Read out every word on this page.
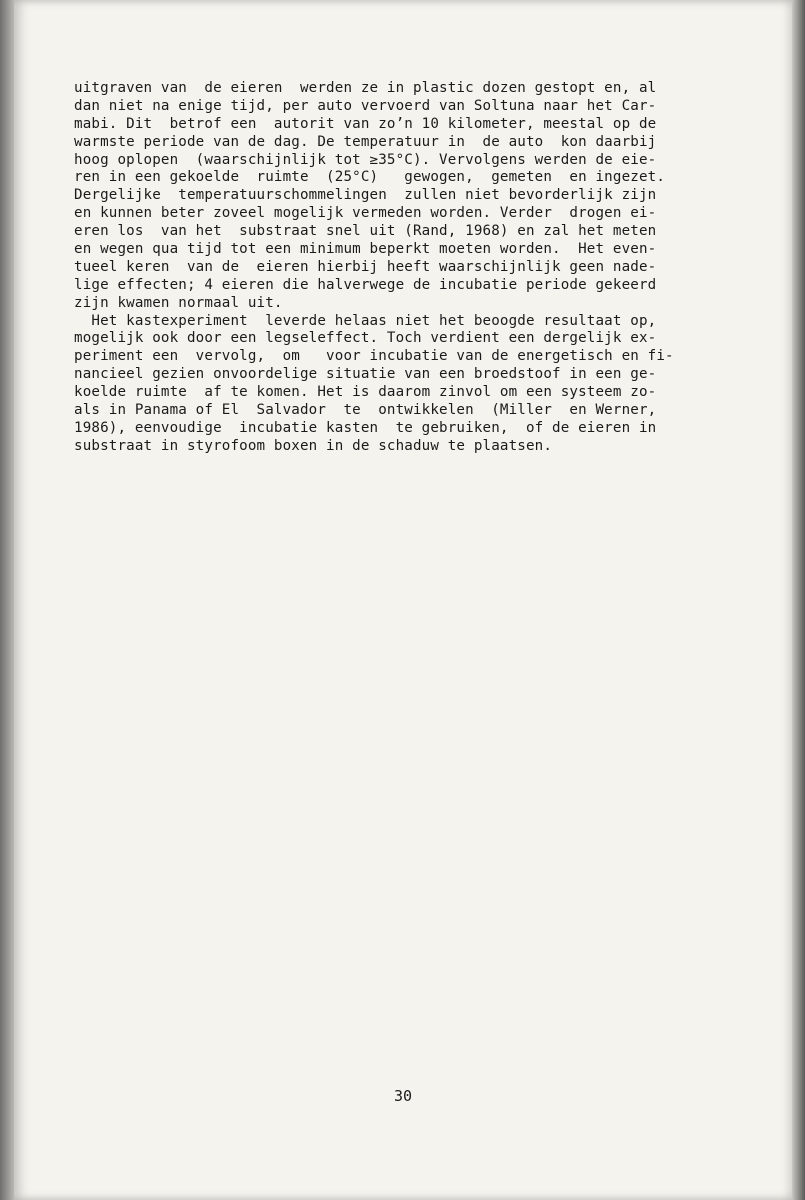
uitgraven van  de eieren  werden ze in plastic dozen gestopt en, al
dan niet na enige tijd, per auto vervoerd van Soltuna naar het Car-
mabi. Dit  betrof een  autorit van zo’n 10 kilometer, meestal op de
warmste periode van de dag. De temperatuur in  de auto  kon daarbij
hoog oplopen  (waarschijnlijk tot ≥35°C). Vervolgens werden de eie-
ren in een gekoelde  ruimte  (25°C)   gewogen,  gemeten  en ingezet.
Dergelijke  temperatuurschommelingen  zullen niet bevorderlijk zijn
en kunnen beter zoveel mogelijk vermeden worden. Verder  drogen ei-
eren los  van het  substraat snel uit (Rand, 1968) en zal het meten
en wegen qua tijd tot een minimum beperkt moeten worden.  Het even-
tueel keren  van de  eieren hierbij heeft waarschijnlijk geen nade-
lige effecten; 4 eieren die halverwege de incubatie periode gekeerd
zijn kwamen normaal uit.
Het kastexperiment  leverde helaas niet het beoogde resultaat op,
mogelijk ook door een legseleffect. Toch verdient een dergelijk ex-
periment een  vervolg,  om   voor incubatie van de energetisch en fi-
nancieel gezien onvoordelige situatie van een broedstoof in een ge-
koelde ruimte  af te komen. Het is daarom zinvol om een systeem zo-
als in Panama of El  Salvador  te  ontwikkelen  (Miller  en Werner,
1986), eenvoudige  incubatie kasten  te gebruiken,  of de eieren in
substraat in styrofoom boxen in de schaduw te plaatsen.
30
